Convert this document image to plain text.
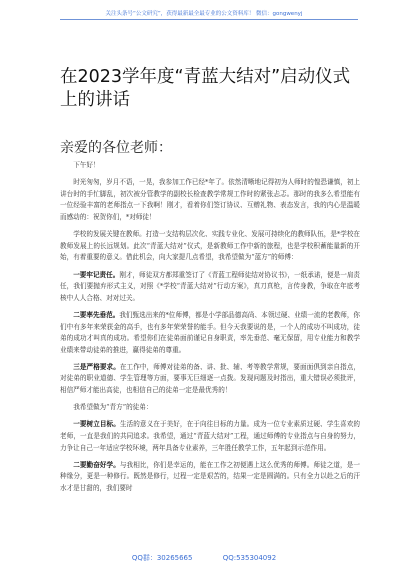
关注头条号“公文研究”，获得最新最全最专业的公文资料库！ 微信：gongwenyj
在2023学年度“青蓝大结对”启动仪式上的讲话
亲爱的各位老师：

下午好！

时光匆匆，岁月不语，一晃，我参加工作已经*年了。依然清晰地记得初为人师时的惶恐谦慎，初上讲台时的手忙脚乱，初次被分管教学的副校长检查教学常规工作时的紧张忐忑。那时的我多么希望能有一位经验丰富的老师指点一下我啊！刚才，看着你们签订协议、互赠礼物、表态发言，我的内心是温暖而感动的：祝贺你们，*对师徒！

学校的发展关键在教师。打造一支结构层次化、实践专业化、发展可持续化的教师队伍，是*学校在教师发展上的长远规划。此次“青蓝大结对”仪式，是新教师工作中新的旅程，也是学校积蓄能量新的开始，有着重要的意义。借此机会，向大家提几点希望，我希望做为“蓝方”的师傅：

一要牢记责任。刚才，师徒双方都郑重签订了《青蓝工程师徒结对协议书》，一纸承诺，便是一肩责任，我们要抛弃形式主义，对照《*学校“青蓝大结对”行动方案》，真刀真枪，言传身教，争取在年底考核中人人合格、对对过关。

二要率先垂范。我们甄选出来的*位师傅，都是小学部品德高尚、本领过硬、业绩一流的老教师，你们中有多年来荣获金的高手，也有多年荣荣誉的能手。但今天我要说的是，一个人的成功不叫成功，徒弟的成功才叫真的成功。希望你们在徒弟面前谨记自身职责，率先垂范、毫无保留，用专业能力和教学业绩来带动徒弟的推进，赢得徒弟的尊重。

三是严格要求。在工作中，师傅对徒弟的备、讲、批、辅、考等教学常规，要面面俱到亲自指点，对徒弟的职业道德、学生管理等方面，要事无巨细逐一点拨。发现问题及时指出，重大错误必须批评，相信严师才能出高徒，也相信自己的徒弟一定是最优秀的！

我希望做为“青方”的徒弟：

一要树立目标。生活的意义在于美好，在于向往目标的力量。成为一位专业素质过硬、学生喜欢的老师，一直是我们的共同追求。我希望，通过“青蓝大结对”工程，通过师傅的专业指点与自身的努力，力争让自己一年适应学校环境，两年具备专业素养，三年胜任教学工作，五年起到示范作用。

二要勤奋好学。与我相比，你们是幸运的，能在工作之初便遇上这么优秀的师傅。师徒之道，是一种缘分，更是一种修行。既然是修行，过程一定是艰苦的，结果一定是圆满的。只有全力以赴之后的汗水才是甘甜的，我们要时

QQ群：30265665	QQ:535304092
